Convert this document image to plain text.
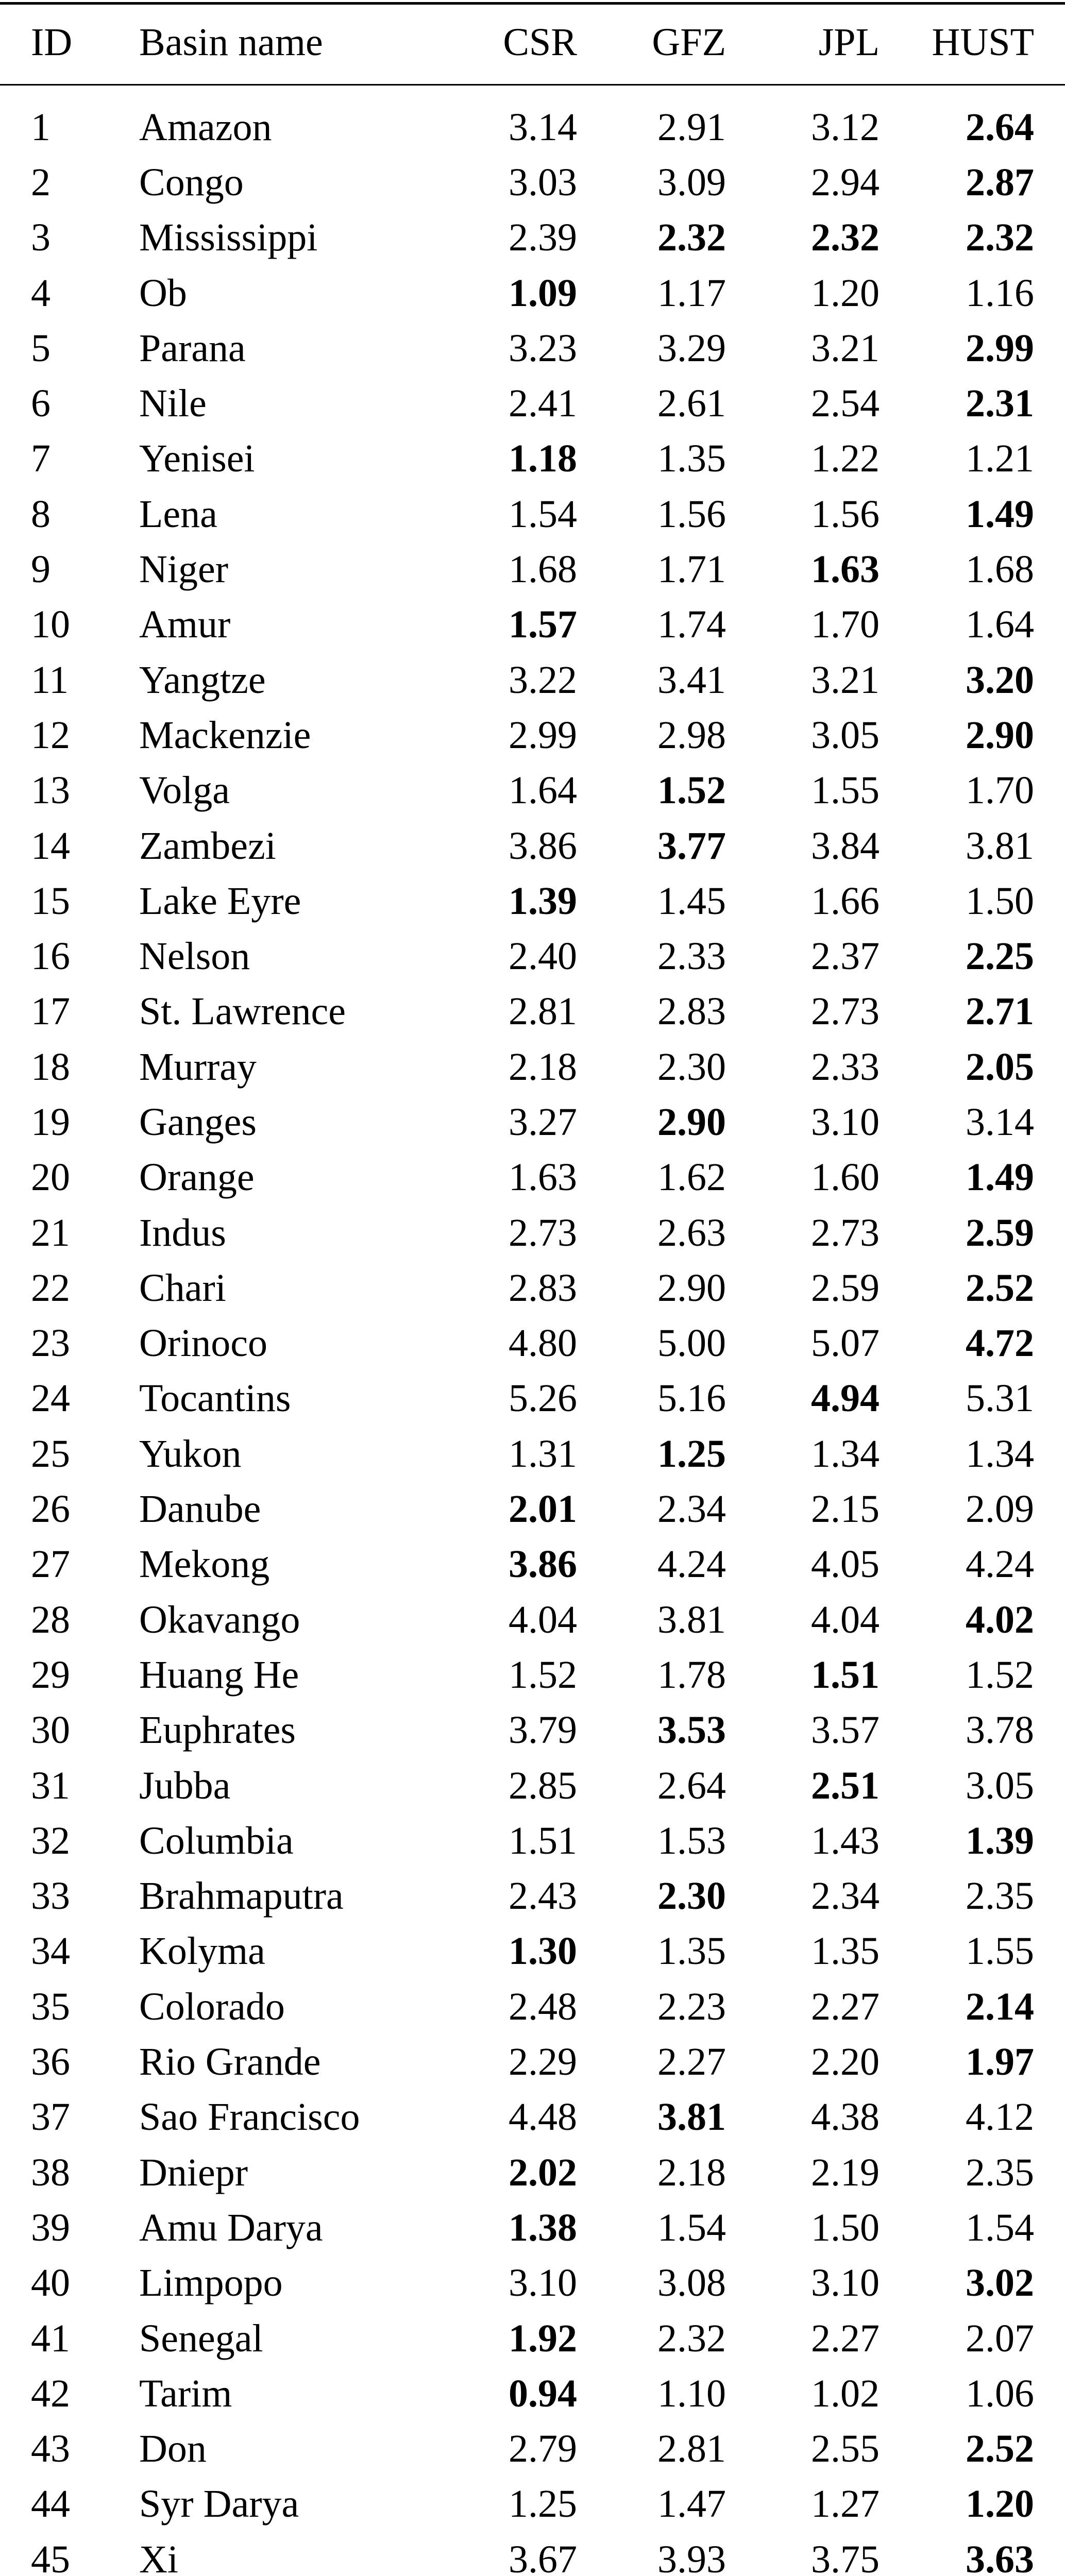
ID	Basin name	CSR	GFZ	JPL	HUST

1	Amazon	3.14	2.91	3.12	2.64
2	Congo	3.03	3.09	2.94	2.87
3	Mississippi	2.39	2.32	2.32	2.32
4	Ob	1.09	1.17	1.20	1.16
5	Parana	3.23	3.29	3.21	2.99
6	Nile	2.41	2.61	2.54	2.31
7	Yenisei	1.18	1.35	1.22	1.21
8	Lena	1.54	1.56	1.56	1.49
9	Niger	1.68	1.71	1.63	1.68
10	Amur	1.57	1.74	1.70	1.64
11	Yangtze	3.22	3.41	3.21	3.20
12	Mackenzie	2.99	2.98	3.05	2.90
13	Volga	1.64	1.52	1.55	1.70
14	Zambezi	3.86	3.77	3.84	3.81
15	Lake Eyre	1.39	1.45	1.66	1.50
16	Nelson	2.40	2.33	2.37	2.25
17	St. Lawrence	2.81	2.83	2.73	2.71
18	Murray	2.18	2.30	2.33	2.05
19	Ganges	3.27	2.90	3.10	3.14
20	Orange	1.63	1.62	1.60	1.49
21	Indus	2.73	2.63	2.73	2.59
22	Chari	2.83	2.90	2.59	2.52
23	Orinoco	4.80	5.00	5.07	4.72
24	Tocantins	5.26	5.16	4.94	5.31
25	Yukon	1.31	1.25	1.34	1.34
26	Danube	2.01	2.34	2.15	2.09
27	Mekong	3.86	4.24	4.05	4.24
28	Okavango	4.04	3.81	4.04	4.02
29	Huang He	1.52	1.78	1.51	1.52
30	Euphrates	3.79	3.53	3.57	3.78
31	Jubba	2.85	2.64	2.51	3.05
32	Columbia	1.51	1.53	1.43	1.39
33	Brahmaputra	2.43	2.30	2.34	2.35
34	Kolyma	1.30	1.35	1.35	1.55
35	Colorado	2.48	2.23	2.27	2.14
36	Rio Grande	2.29	2.27	2.20	1.97
37	Sao Francisco	4.48	3.81	4.38	4.12
38	Dniepr	2.02	2.18	2.19	2.35
39	Amu Darya	1.38	1.54	1.50	1.54
40	Limpopo	3.10	3.08	3.10	3.02
41	Senegal	1.92	2.32	2.27	2.07
42	Tarim	0.94	1.10	1.02	1.06
43	Don	2.79	2.81	2.55	2.52
44	Syr Darya	1.25	1.47	1.27	1.20
45	Xi	3.67	3.93	3.75	3.63
